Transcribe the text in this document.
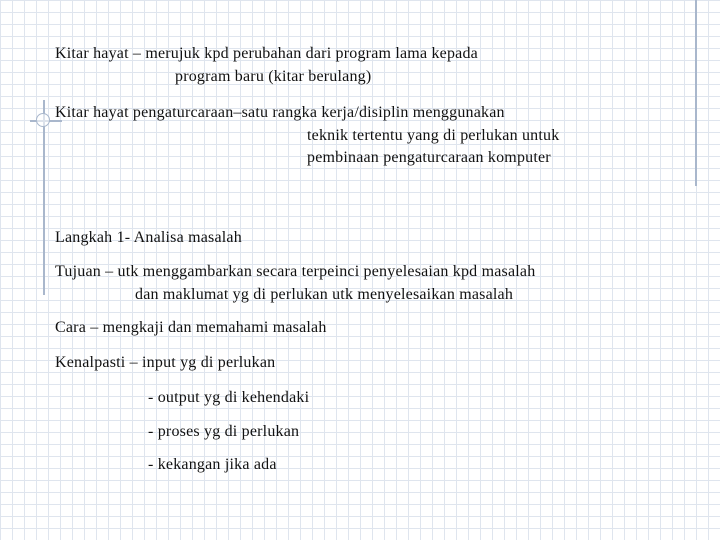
Kitar hayat – merujuk kpd perubahan dari program lama kepada
program baru (kitar berulang)
Kitar hayat pengaturcaraan–satu rangka kerja/disiplin menggunakan
teknik tertentu yang di perlukan untuk
pembinaan pengaturcaraan komputer
Langkah 1- Analisa masalah
Tujuan – utk menggambarkan secara terpeinci penyelesaian kpd masalah
dan maklumat yg di perlukan utk menyelesaikan masalah
Cara – mengkaji dan memahami masalah
Kenalpasti – input yg di perlukan
- output yg di kehendaki
- proses yg di perlukan
- kekangan jika ada
